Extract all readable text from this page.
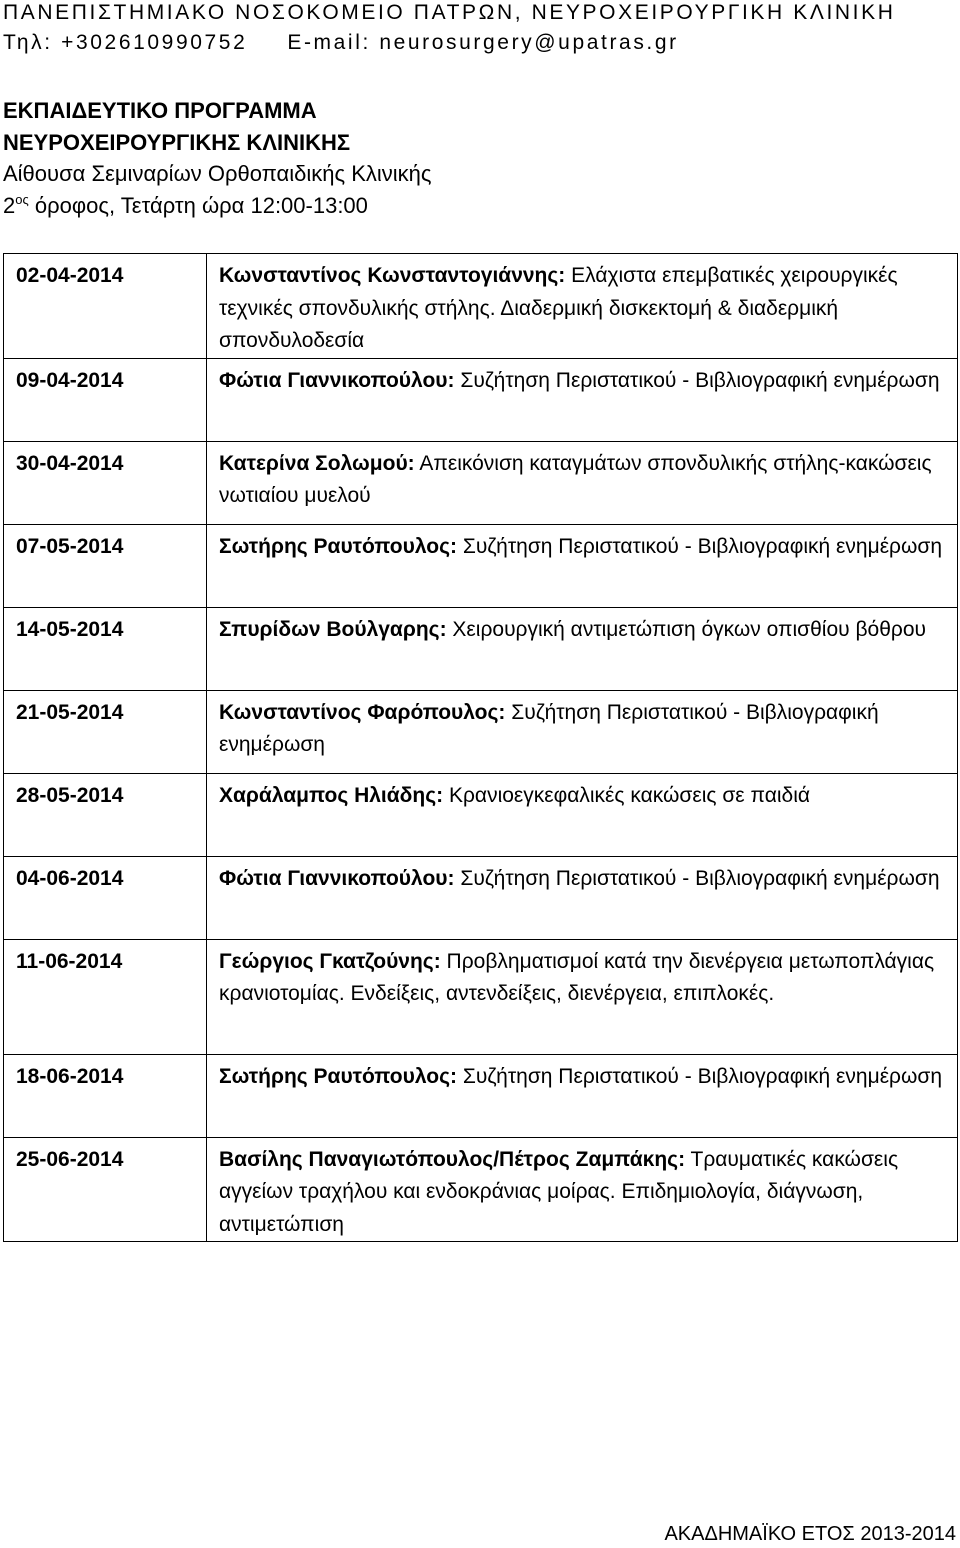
ΠΑΝΕΠΙΣΤΗΜΙΑΚΟ ΝΟΣΟΚΟΜΕΙΟ ΠΑΤΡΩΝ, ΝΕΥΡΟΧΕΙΡΟΥΡΓΙΚΗ ΚΛΙΝΙΚΗ
Τηλ: +302610990752 E-mail: neurosurgery@upatras.gr
ΕΚΠΑΙΔΕΥΤΙΚΟ ΠΡΟΓΡΑΜΜΑ
ΝΕΥΡΟΧΕΙΡΟΥΡΓΙΚΗΣ ΚΛΙΝΙΚΗΣ
Αίθουσα Σεμιναρίων Ορθοπαιδικής Κλινικής
$2^{o\varsigma}$ όροφος, Τετάρτη ώρα 12:00-13:00
02-04-2014	Κωνσταντίνος Κωνσταντογιάννης: Ελάχιστα επεμβατικές χειρουργικές τεχνικές σπονδυλικής στήλης. Διαδερμική δισκεκτομή & διαδερμική σπονδυλοδεσία
09-04-2014	Φώτια Γιαννικοπούλου: Συζήτηση Περιστατικού - Βιβλιογραφική ενημέρωση
30-04-2014	Κατερίνα Σολωμού: Απεικόνιση καταγμάτων σπονδυλικής στήλης-κακώσεις νωτιαίου μυελού
07-05-2014	Σωτήρης Ραυτόπουλος: Συζήτηση Περιστατικού - Βιβλιογραφική ενημέρωση
14-05-2014	Σπυρίδων Βούλγαρης: Χειρουργική αντιμετώπιση όγκων οπισθίου βόθρου
21-05-2014	Κωνσταντίνος Φαρόπουλος: Συζήτηση Περιστατικού - Βιβλιογραφική ενημέρωση
28-05-2014	Χαράλαμπος Ηλιάδης: Κρανιοεγκεφαλικές κακώσεις σε παιδιά
04-06-2014	Φώτια Γιαννικοπούλου: Συζήτηση Περιστατικού - Βιβλιογραφική ενημέρωση
11-06-2014	Γεώργιος Γκατζούνης: Προβληματισμοί κατά την διενέργεια μετωποπλάγιας κρανιοτομίας. Ενδείξεις, αντενδείξεις, διενέργεια, επιπλοκές.
18-06-2014	Σωτήρης Ραυτόπουλος: Συζήτηση Περιστατικού - Βιβλιογραφική ενημέρωση
25-06-2014	Βασίλης Παναγιωτόπουλος/Πέτρος Ζαμπάκης: Τραυματικές κακώσεις αγγείων τραχήλου και ενδοκράνιας μοίρας. Επιδημιολογία, διάγνωση, αντιμετώπιση
ΑΚΑΔΗΜΑΪΚΟ ΕΤΟΣ 2013-2014
